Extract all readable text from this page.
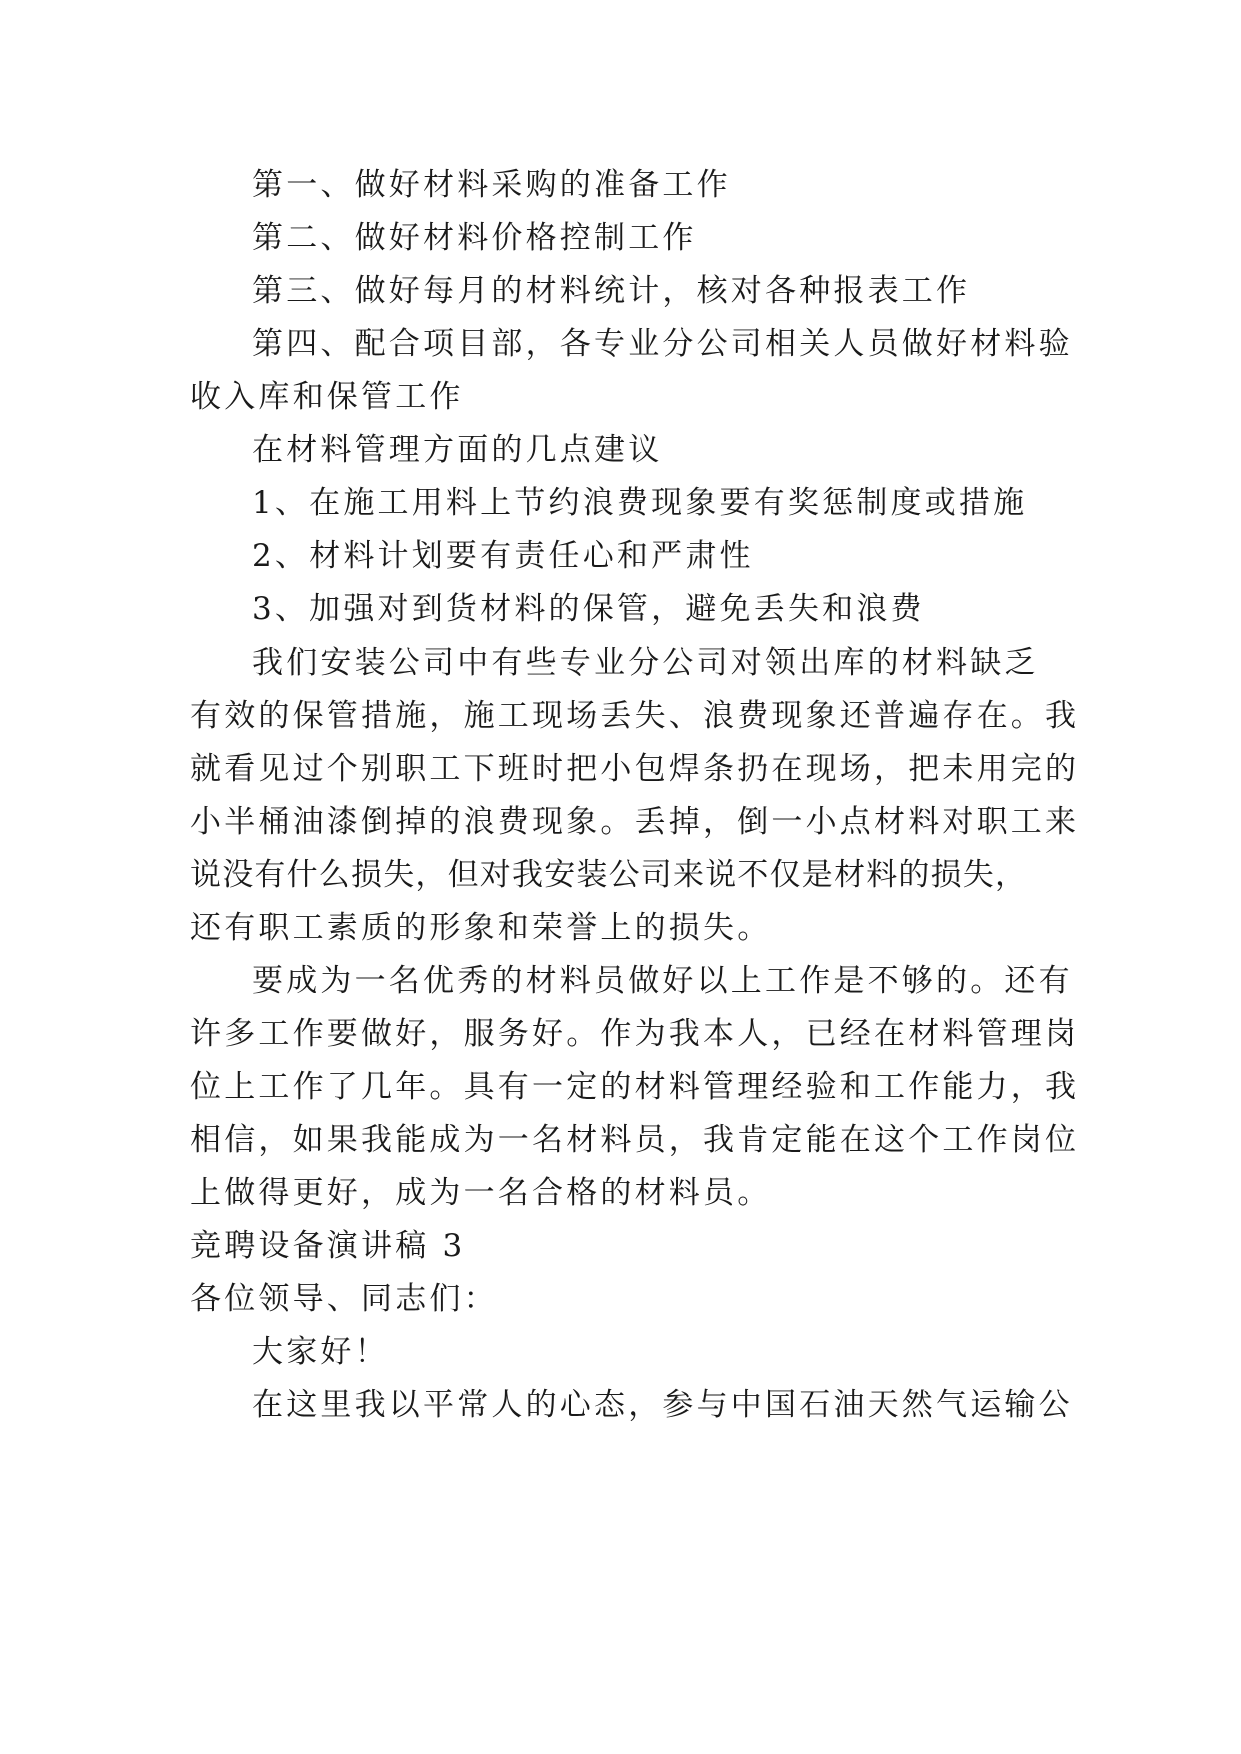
第一、做好材料采购的准备工作
第二、做好材料价格控制工作
第三、做好每月的材料统计，核对各种报表工作
第四、配合项目部，各专业分公司相关人员做好材料验
收入库和保管工作
在材料管理方面的几点建议
1、在施工用料上节约浪费现象要有奖惩制度或措施
2、材料计划要有责任心和严肃性
3、加强对到货材料的保管，避免丢失和浪费
我们安装公司中有些专业分公司对领出库的材料缺乏
有效的保管措施，施工现场丢失、浪费现象还普遍存在。我
就看见过个别职工下班时把小包焊条扔在现场，把未用完的
小半桶油漆倒掉的浪费现象。丢掉，倒一小点材料对职工来
说没有什么损失，但对我安装公司来说不仅是材料的损失，
还有职工素质的形象和荣誉上的损失。
要成为一名优秀的材料员做好以上工作是不够的。还有
许多工作要做好，服务好。作为我本人，已经在材料管理岗
位上工作了几年。具有一定的材料管理经验和工作能力，我
相信，如果我能成为一名材料员，我肯定能在这个工作岗位
上做得更好，成为一名合格的材料员。
竞聘设备演讲稿 3
各位领导、同志们：
大家好！
在这里我以平常人的心态，参与中国石油天然气运输公
